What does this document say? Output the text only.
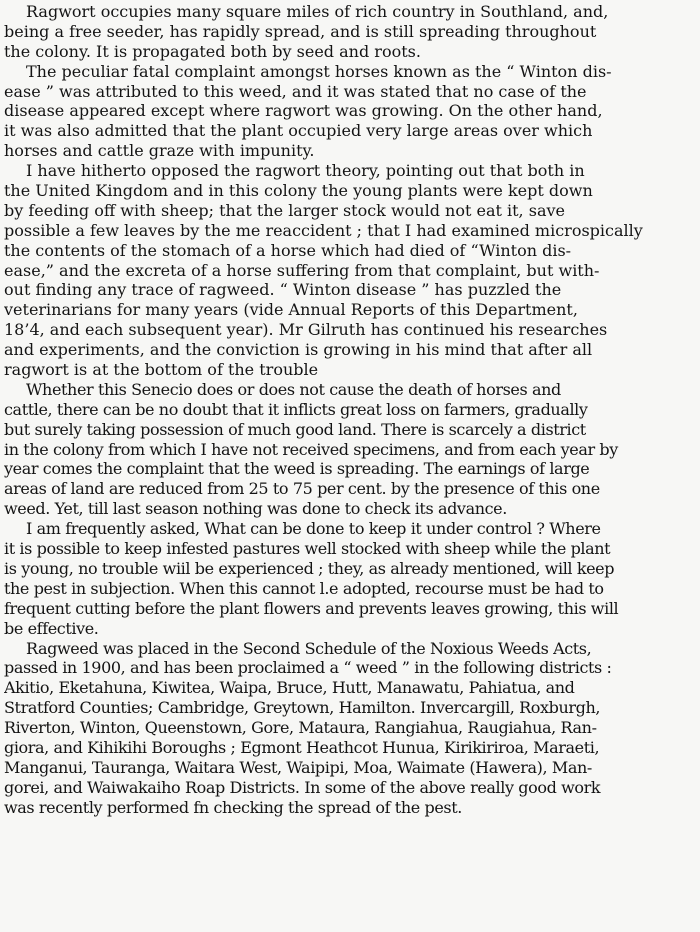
Ragwort occupies many square miles of rich country in Southland, and,
being a free seeder, has rapidly spread, and is still spreading throughout
the colony. It is propagated both by seed and roots.
The peculiar fatal complaint amongst horses known as the “ Winton dis-
ease ” was attributed to this weed, and it was stated that no case of the
disease appeared except where ragwort was growing. On the other hand,
it was also admitted that the plant occupied very large areas over which
horses and cattle graze with impunity.
I have hitherto opposed the ragwort theory, pointing out that both in
the United Kingdom and in this colony the young plants were kept down
by feeding off with sheep; that the larger stock would not eat it, save
possible a few leaves by the me reaccident ; that I had examined microspically
the contents of the stomach of a horse which had died of “Winton dis-
ease,” and the excreta of a horse suffering from that complaint, but with-
out finding any trace of ragweed. “ Winton disease ” has puzzled the
veterinarians for many years (vide Annual Reports of this Department,
18’4, and each subsequent year). Mr Gilruth has continued his researches
and experiments, and the conviction is growing in his mind that after all
ragwort is at the bottom of the trouble
Whether this Senecio does or does not cause the death of horses and
cattle, there can be no doubt that it inflicts great loss on farmers, gradually
but surely taking possession of much good land. There is scarcely a district
in the colony from which I have not received specimens, and from each year by
year comes the complaint that the weed is spreading. The earnings of large
areas of land are reduced from 25 to 75 per cent. by the presence of this one
weed. Yet, till last season nothing was done to check its advance.
I am frequently asked, What can be done to keep it under control ? Where
it is possible to keep infested pastures well stocked with sheep while the plant
is young, no trouble wiil be experienced ; they, as already mentioned, will keep
the pest in subjection. When this cannot l.e adopted, recourse must be had to
frequent cutting before the plant flowers and prevents leaves growing, this will
be effective.
Ragweed was placed in the Second Schedule of the Noxious Weeds Acts,
passed in 1900, and has been proclaimed a “ weed ” in the following districts :
Akitio, Eketahuna, Kiwitea, Waipa, Bruce, Hutt, Manawatu, Pahiatua, and
Stratford Counties; Cambridge, Greytown, Hamilton. Invercargill, Roxburgh,
Riverton, Winton, Queenstown, Gore, Mataura, Rangiahua, Raugiahua, Ran-
giora, and Kihikihi Boroughs ; Egmont Heathcot Hunua, Kirikiriroa, Maraeti,
Manganui, Tauranga, Waitara West, Waipipi, Moa, Waimate (Hawera), Man-
gorei, and Waiwakaiho Roap Districts. In some of the above really good work
was recently performed fn checking the spread of the pest.
